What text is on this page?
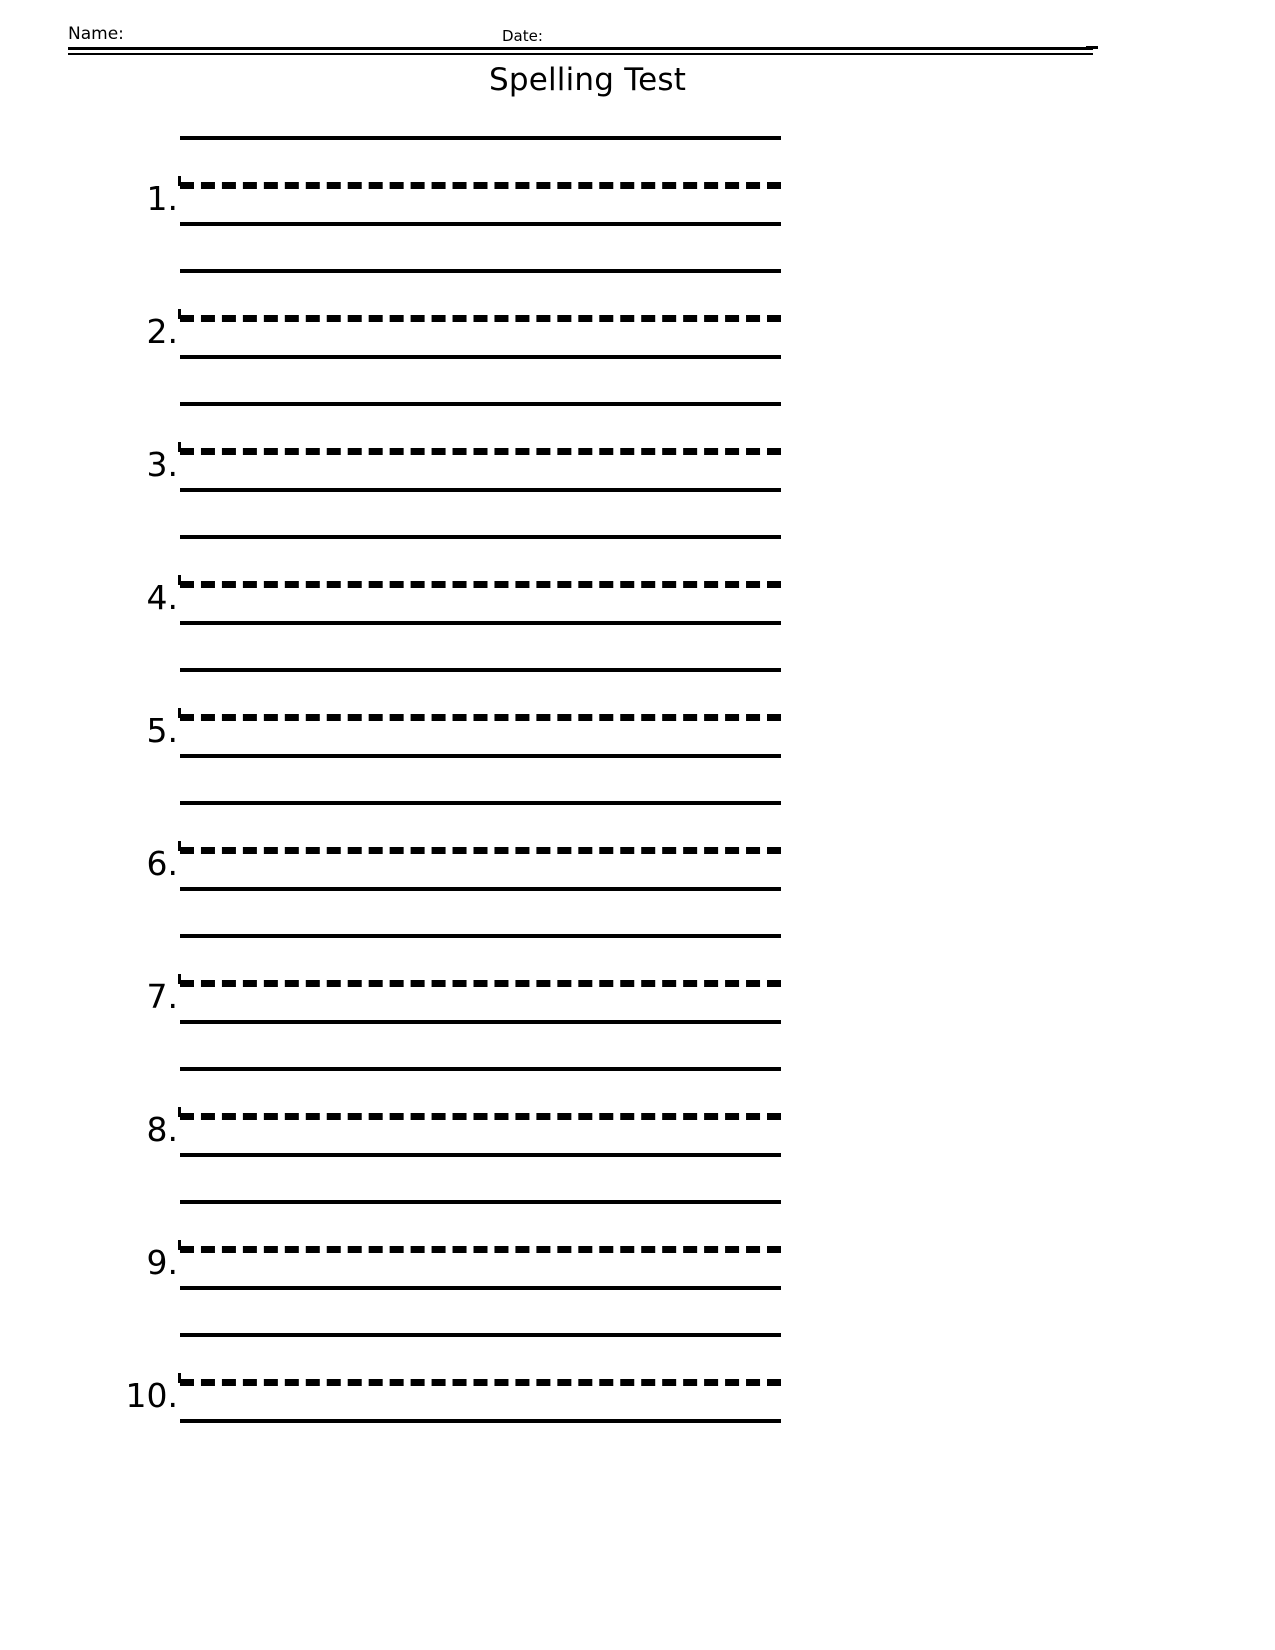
Name:	Date:
Spelling Test
1.
2.
3.
4.
5.
6.
7.
8.
9.
10.
